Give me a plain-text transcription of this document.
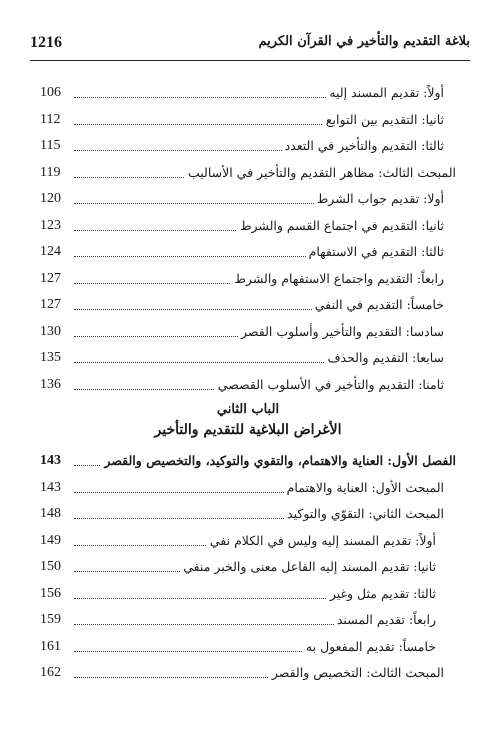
1216	بلاغة التقديم والتأخير في القرآن الكريم
106	أولاً: تقديم المسند إليه
112	ثانيا: التقديم بين التوابع
115	ثالثا: التقديم والتأخير في التعدد
119	المبحث الثالث: مظاهر التقديم والتأخير في الأساليب
120	أولا: تقديم جواب الشرط
123	ثانيا: التقديم في اجتماع القسم والشرط
124	ثالثا: التقديم في الاستفهام
127	رابعاً: التقديم واجتماع الاستفهام والشرط
127	خامساً: التقديم في النفي
130	سادسا: التقديم والتأخير وأسلوب القصر
135	سابعا: التقديم والحذف
136	ثامنا: التقديم والتأخير في الأسلوب القصصي
الباب الثاني
الأغراض البلاغية للتقديم والتأخير
143	الفصل الأول: العناية والاهتمام، والتقوي والتوكيد، والتخصيص والقصر
143	المبحث الأول: العناية والاهتمام
148	المبحث الثاني: التقوّي والتوكيد
149	أولاً: تقديم المسند إليه وليس في الكلام نفي
150	ثانيا: تقديم المسند إليه الفاعل معنى والخبر منفي
156	ثالثا: تقديم مثل وغير
159	رابعاً: تقديم المسند
161	خامساً: تقديم المفعول به
162	المبحث الثالث: التخصيص والقصر
